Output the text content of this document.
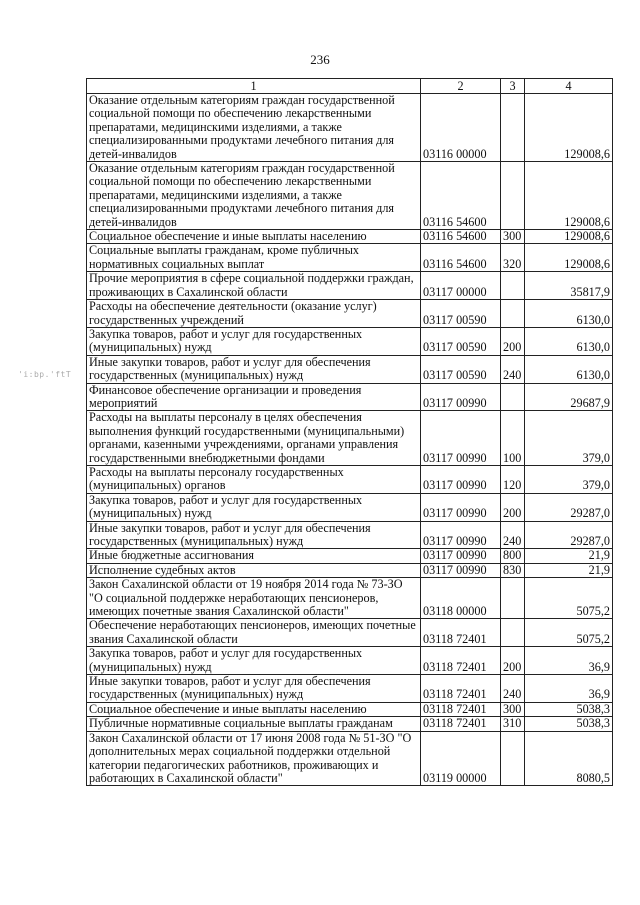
236
'i:bp.'ftT
1	2	3	4
Оказание отдельным категориям граждан государственной социальной помощи по обеспечению лекарственными препаратами, медицинскими изделиями, а также специализированными продуктами лечебного питания для детей-инвалидов	03116 00000		129008,6
Оказание отдельным категориям граждан государственной социальной помощи по обеспечению лекарственными препаратами, медицинскими изделиями, а также специализированными продуктами лечебного питания для детей-инвалидов	03116 54600		129008,6
Социальное обеспечение и иные выплаты населению	03116 54600	300	129008,6
Социальные выплаты гражданам, кроме публичных нормативных социальных выплат	03116 54600	320	129008,6
Прочие мероприятия в сфере социальной поддержки граждан, проживающих в Сахалинской области	03117 00000		35817,9
Расходы на обеспечение деятельности (оказание услуг) государственных учреждений	03117 00590		6130,0
Закупка товаров, работ и услуг для государственных (муниципальных) нужд	03117 00590	200	6130,0
Иные закупки товаров, работ и услуг для обеспечения государственных (муниципальных) нужд	03117 00590	240	6130,0
Финансовое обеспечение организации и проведения мероприятий	03117 00990		29687,9
Расходы на выплаты персоналу в целях обеспечения выполнения функций государственными (муниципальными) органами, казенными учреждениями, органами управления государственными внебюджетными фондами	03117 00990	100	379,0
Расходы на выплаты персоналу государственных (муниципальных) органов	03117 00990	120	379,0
Закупка товаров, работ и услуг для государственных (муниципальных) нужд	03117 00990	200	29287,0
Иные закупки товаров, работ и услуг для обеспечения государственных (муниципальных) нужд	03117 00990	240	29287,0
Иные бюджетные ассигнования	03117 00990	800	21,9
Исполнение судебных актов	03117 00990	830	21,9
Закон Сахалинской области от 19 ноября 2014 года № 73-ЗО "О социальной поддержке неработающих пенсионеров, имеющих почетные звания Сахалинской области"	03118 00000		5075,2
Обеспечение неработающих пенсионеров, имеющих почетные звания Сахалинской области	03118 72401		5075,2
Закупка товаров, работ и услуг для государственных (муниципальных) нужд	03118 72401	200	36,9
Иные закупки товаров, работ и услуг для обеспечения государственных (муниципальных) нужд	03118 72401	240	36,9
Социальное обеспечение и иные выплаты населению	03118 72401	300	5038,3
Публичные нормативные социальные выплаты гражданам	03118 72401	310	5038,3
Закон Сахалинской области от 17 июня 2008 года № 51-ЗО "О дополнительных мерах социальной поддержки отдельной категории педагогических работников, проживающих и работающих в Сахалинской области"	03119 00000		8080,5
